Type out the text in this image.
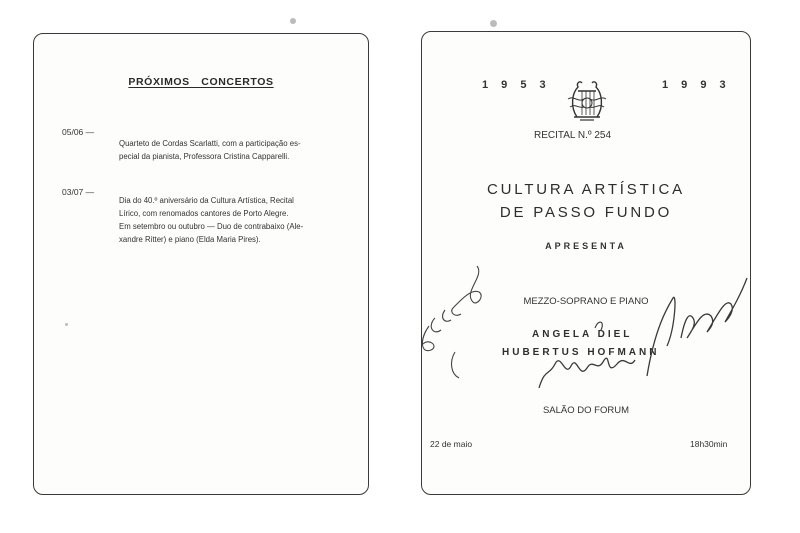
PRÓXIMOS CONCERTOS
05/06 —
Quarteto de Cordas Scarlatti, com a participação es-
pecial da pianista, Professora Cristina Capparelli.
03/07 —
Dia do 40.º aniversário da Cultura Artística, Recital
Lírico, com renomados cantores de Porto Alegre.
Em setembro ou outubro — Duo de contrabaixo (Ale-
xandre Ritter) e piano (Elda Maria Pires).
1 9 5 3	1 9 9 3
RECITAL N.º 254
CULTURA ARTÍSTICA
DE PASSO FUNDO
APRESENTA
MEZZO-SOPRANO E PIANO
ANGELA DIEL
HUBERTUS HOFMANN
SALÃO DO FORUM
22 de maio	18h30min
